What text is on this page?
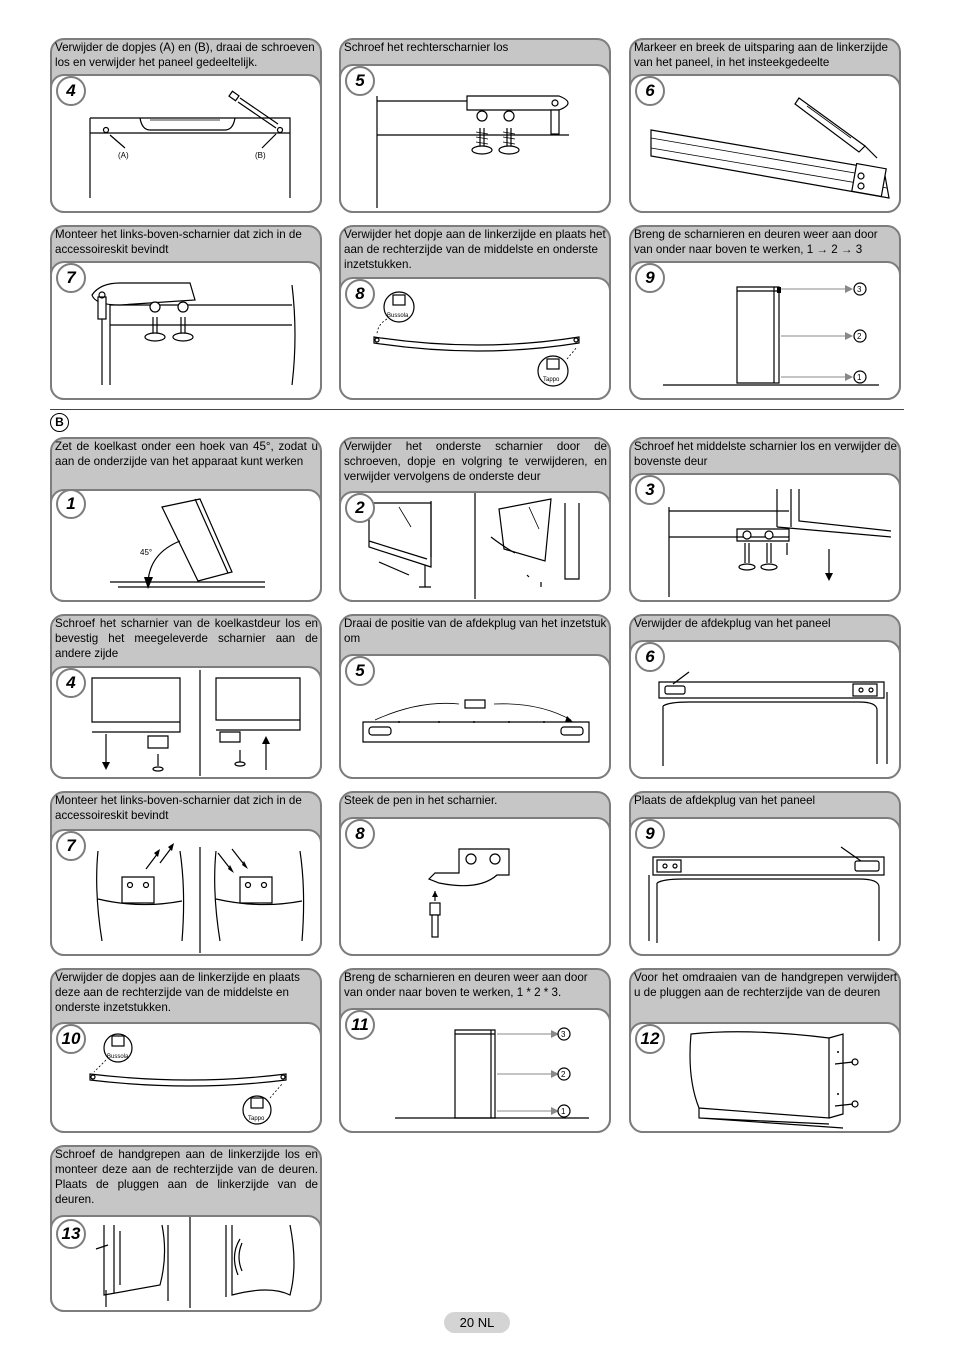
Verwijder de dopjes (A) en (B), draai de schroeven los en verwijder het paneel gedeeltelijk.
4
(A)	(B)
Schroef het rechterscharnier los
5
Markeer en breek de uitsparing aan de linkerzijde van het paneel, in het insteekgedeelte
6
Monteer het links-boven-scharnier dat zich in de accessoireskit bevindt
7
Verwijder het dopje aan de linkerzijde en plaats het aan de rechterzijde van de middelste en onderste inzetstukken.
8
Bussola
Tappo
Breng de scharnieren en deuren weer aan door van onder naar boven te werken, 1 → 2 → 3
9
3
2
1
B
Zet de koelkast onder een hoek van 45°, zodat u aan de onderzijde van het apparaat kunt werken
1
45°
Verwijder het onderste scharnier door de schroeven, dopje en volgring te verwijderen, en verwijder vervolgens de onderste deur
2
Schroef het middelste scharnier los en verwijder de bovenste deur
3
Schroef het scharnier van de koelkastdeur los en bevestig het meegeleverde scharnier aan de andere zijde
4
Draai de positie van de afdekplug van het inzetstuk om
5
Verwijder de afdekplug van het paneel
6
Monteer het links-boven-scharnier dat zich in de accessoireskit bevindt
7
Steek de pen in het scharnier.
8
Plaats de afdekplug van het paneel
9
Verwijder de dopjes aan de linkerzijde en plaats deze aan de rechterzijde van de middelste en onderste inzetstukken.
10
Bussola
Tappo
Breng de scharnieren en deuren weer aan door van onder naar boven te werken, 1 * 2 * 3.
11
3
2
1
Voor het omdraaien van de handgrepen verwijdert u de pluggen aan de rechterzijde van de deuren
12
Schroef de handgrepen aan de linkerzijde los en monteer deze aan de rechterzijde van de deuren. Plaats de pluggen aan de linkerzijde van de deuren.
13
20 NL
